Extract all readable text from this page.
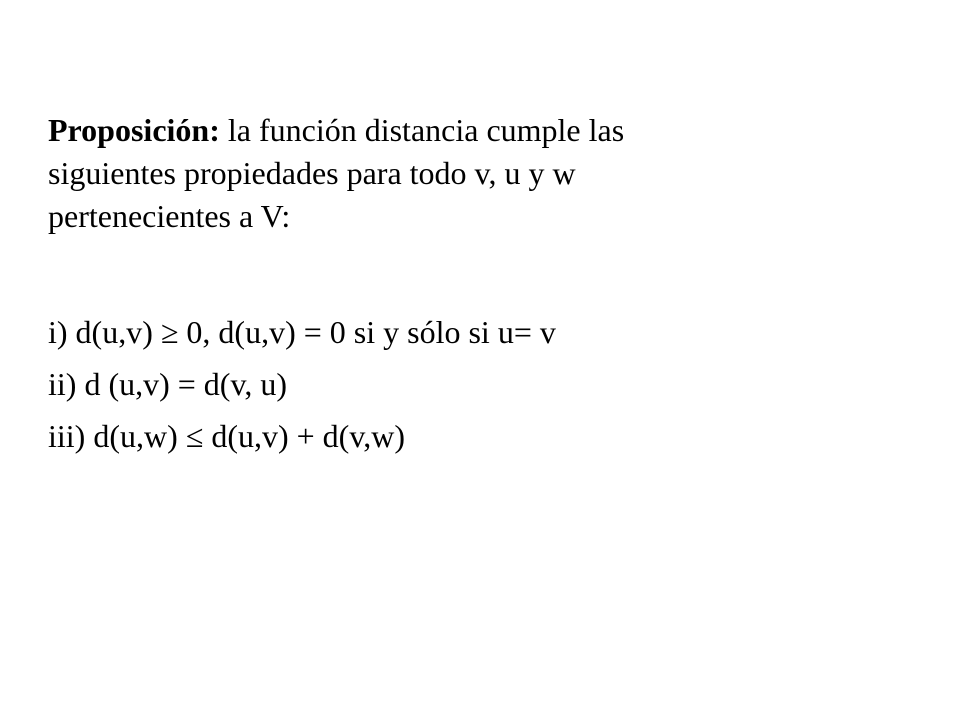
Proposición: la función distancia cumple las
siguientes propiedades para todo v, u y w
pertenecientes a V:
i) d(u,v) ≥ 0, d(u,v) = 0 si y sólo si u= v
ii) d (u,v) = d(v, u)
iii) d(u,w) ≤ d(u,v) + d(v,w)
